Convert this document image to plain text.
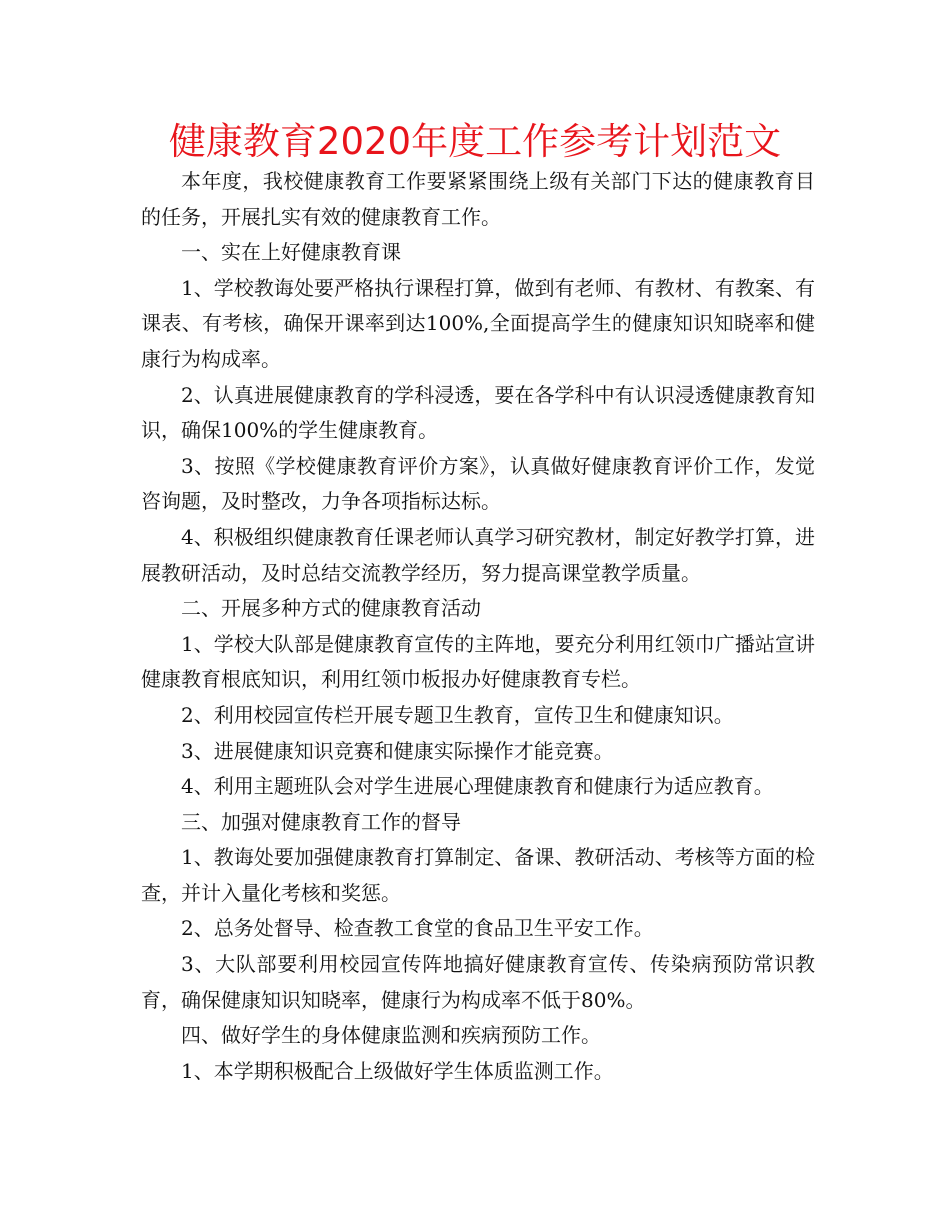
健康教育2020年度工作参考计划范文

本年度，我校健康教育工作要紧紧围绕上级有关部门下达的健康教育目的任务，开展扎实有效的健康教育工作。

一、实在上好健康教育课

1、学校教诲处要严格执行课程打算，做到有老师、有教材、有教案、有课表、有考核，确保开课率到达100%,全面提高学生的健康知识知晓率和健康行为构成率。

2、认真进展健康教育的学科浸透，要在各学科中有认识浸透健康教育知识，确保100%的学生健康教育。

3、按照《学校健康教育评价方案》，认真做好健康教育评价工作，发觉咨询题，及时整改，力争各项指标达标。

4、积极组织健康教育任课老师认真学习研究教材，制定好教学打算，进展教研活动，及时总结交流教学经历，努力提高课堂教学质量。

二、开展多种方式的健康教育活动

1、学校大队部是健康教育宣传的主阵地，要充分利用红领巾广播站宣讲健康教育根底知识，利用红领巾板报办好健康教育专栏。

2、利用校园宣传栏开展专题卫生教育，宣传卫生和健康知识。

3、进展健康知识竞赛和健康实际操作才能竞赛。

4、利用主题班队会对学生进展心理健康教育和健康行为适应教育。

三、加强对健康教育工作的督导

1、教诲处要加强健康教育打算制定、备课、教研活动、考核等方面的检查，并计入量化考核和奖惩。

2、总务处督导、检查教工食堂的食品卫生平安工作。

3、大队部要利用校园宣传阵地搞好健康教育宣传、传染病预防常识教育，确保健康知识知晓率，健康行为构成率不低于80%。

四、做好学生的身体健康监测和疾病预防工作。

1、本学期积极配合上级做好学生体质监测工作。
